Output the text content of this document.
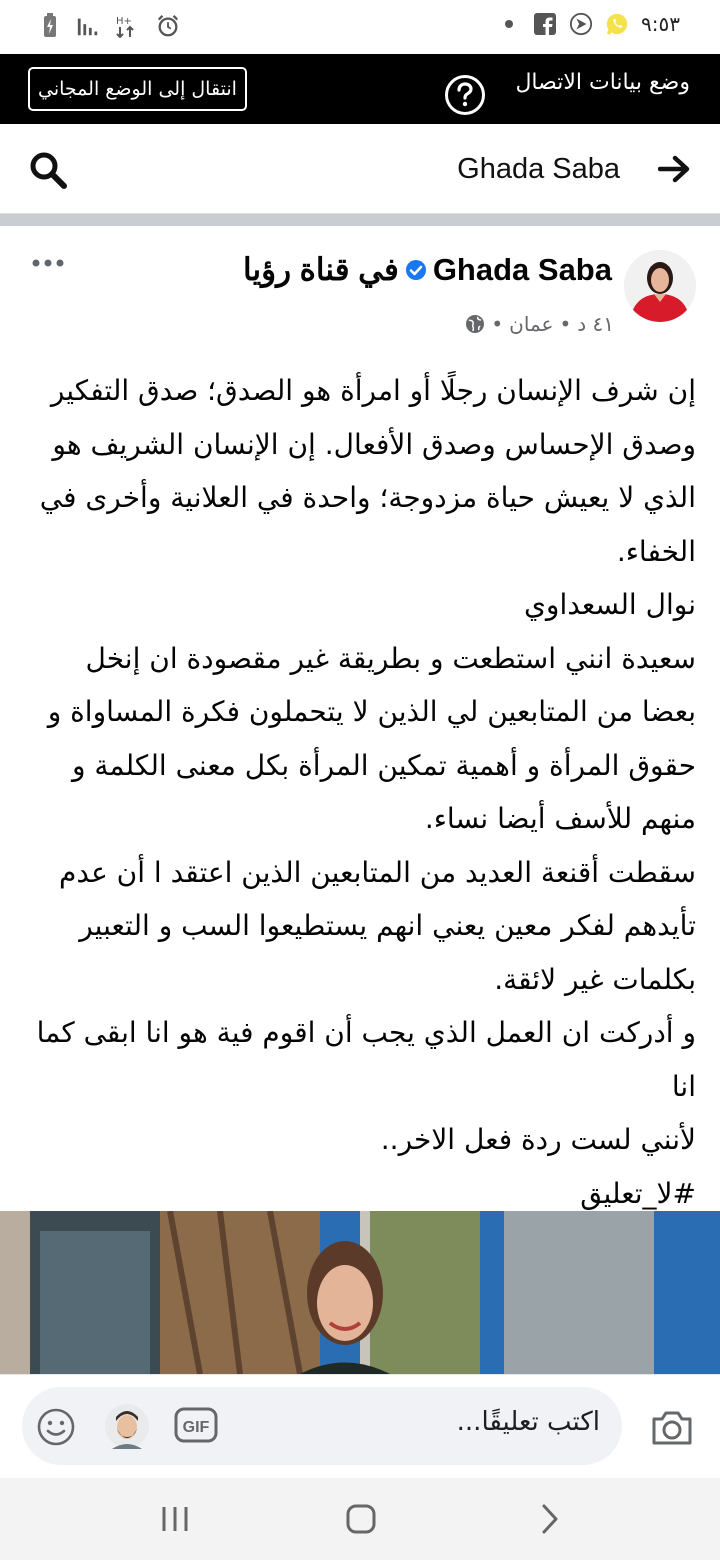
H+	٩:٥٣
انتقال إلى الوضع المجاني	وضع بيانات الاتصال
Ghada Saba
Ghada Saba
في قناة رؤيا
٤١ د
•
عمان
•

إن شرف الإنسان رجلًا أو امرأة هو الصدق؛ صدق التفكير وصدق الإحساس وصدق الأفعال. إن الإنسان الشريف هو الذي لا يعيش حياة مزدوجة؛ واحدة في العلانية وأخرى في الخفاء.

نوال السعداوي

سعيدة انني استطعت و بطريقة غير مقصودة ان إنخل بعضا من المتابعين لي الذين لا يتحملون فكرة المساواة و حقوق المرأة و أهمية تمكين المرأة بكل معنى الكلمة و منهم للأسف أيضا نساء.

سقطت أقنعة العديد من المتابعين الذين اعتقد ا أن عدم تأيدهم لفكر معين يعني انهم يستطيعوا السب و التعبير بكلمات غير لائقة.

و أدركت ان العمل الذي يجب أن اقوم فية هو انا ابقى كما انا

لأنني لست ردة فعل الاخر..

#لا_تعليق

اكتب تعليقًا...
GIF
